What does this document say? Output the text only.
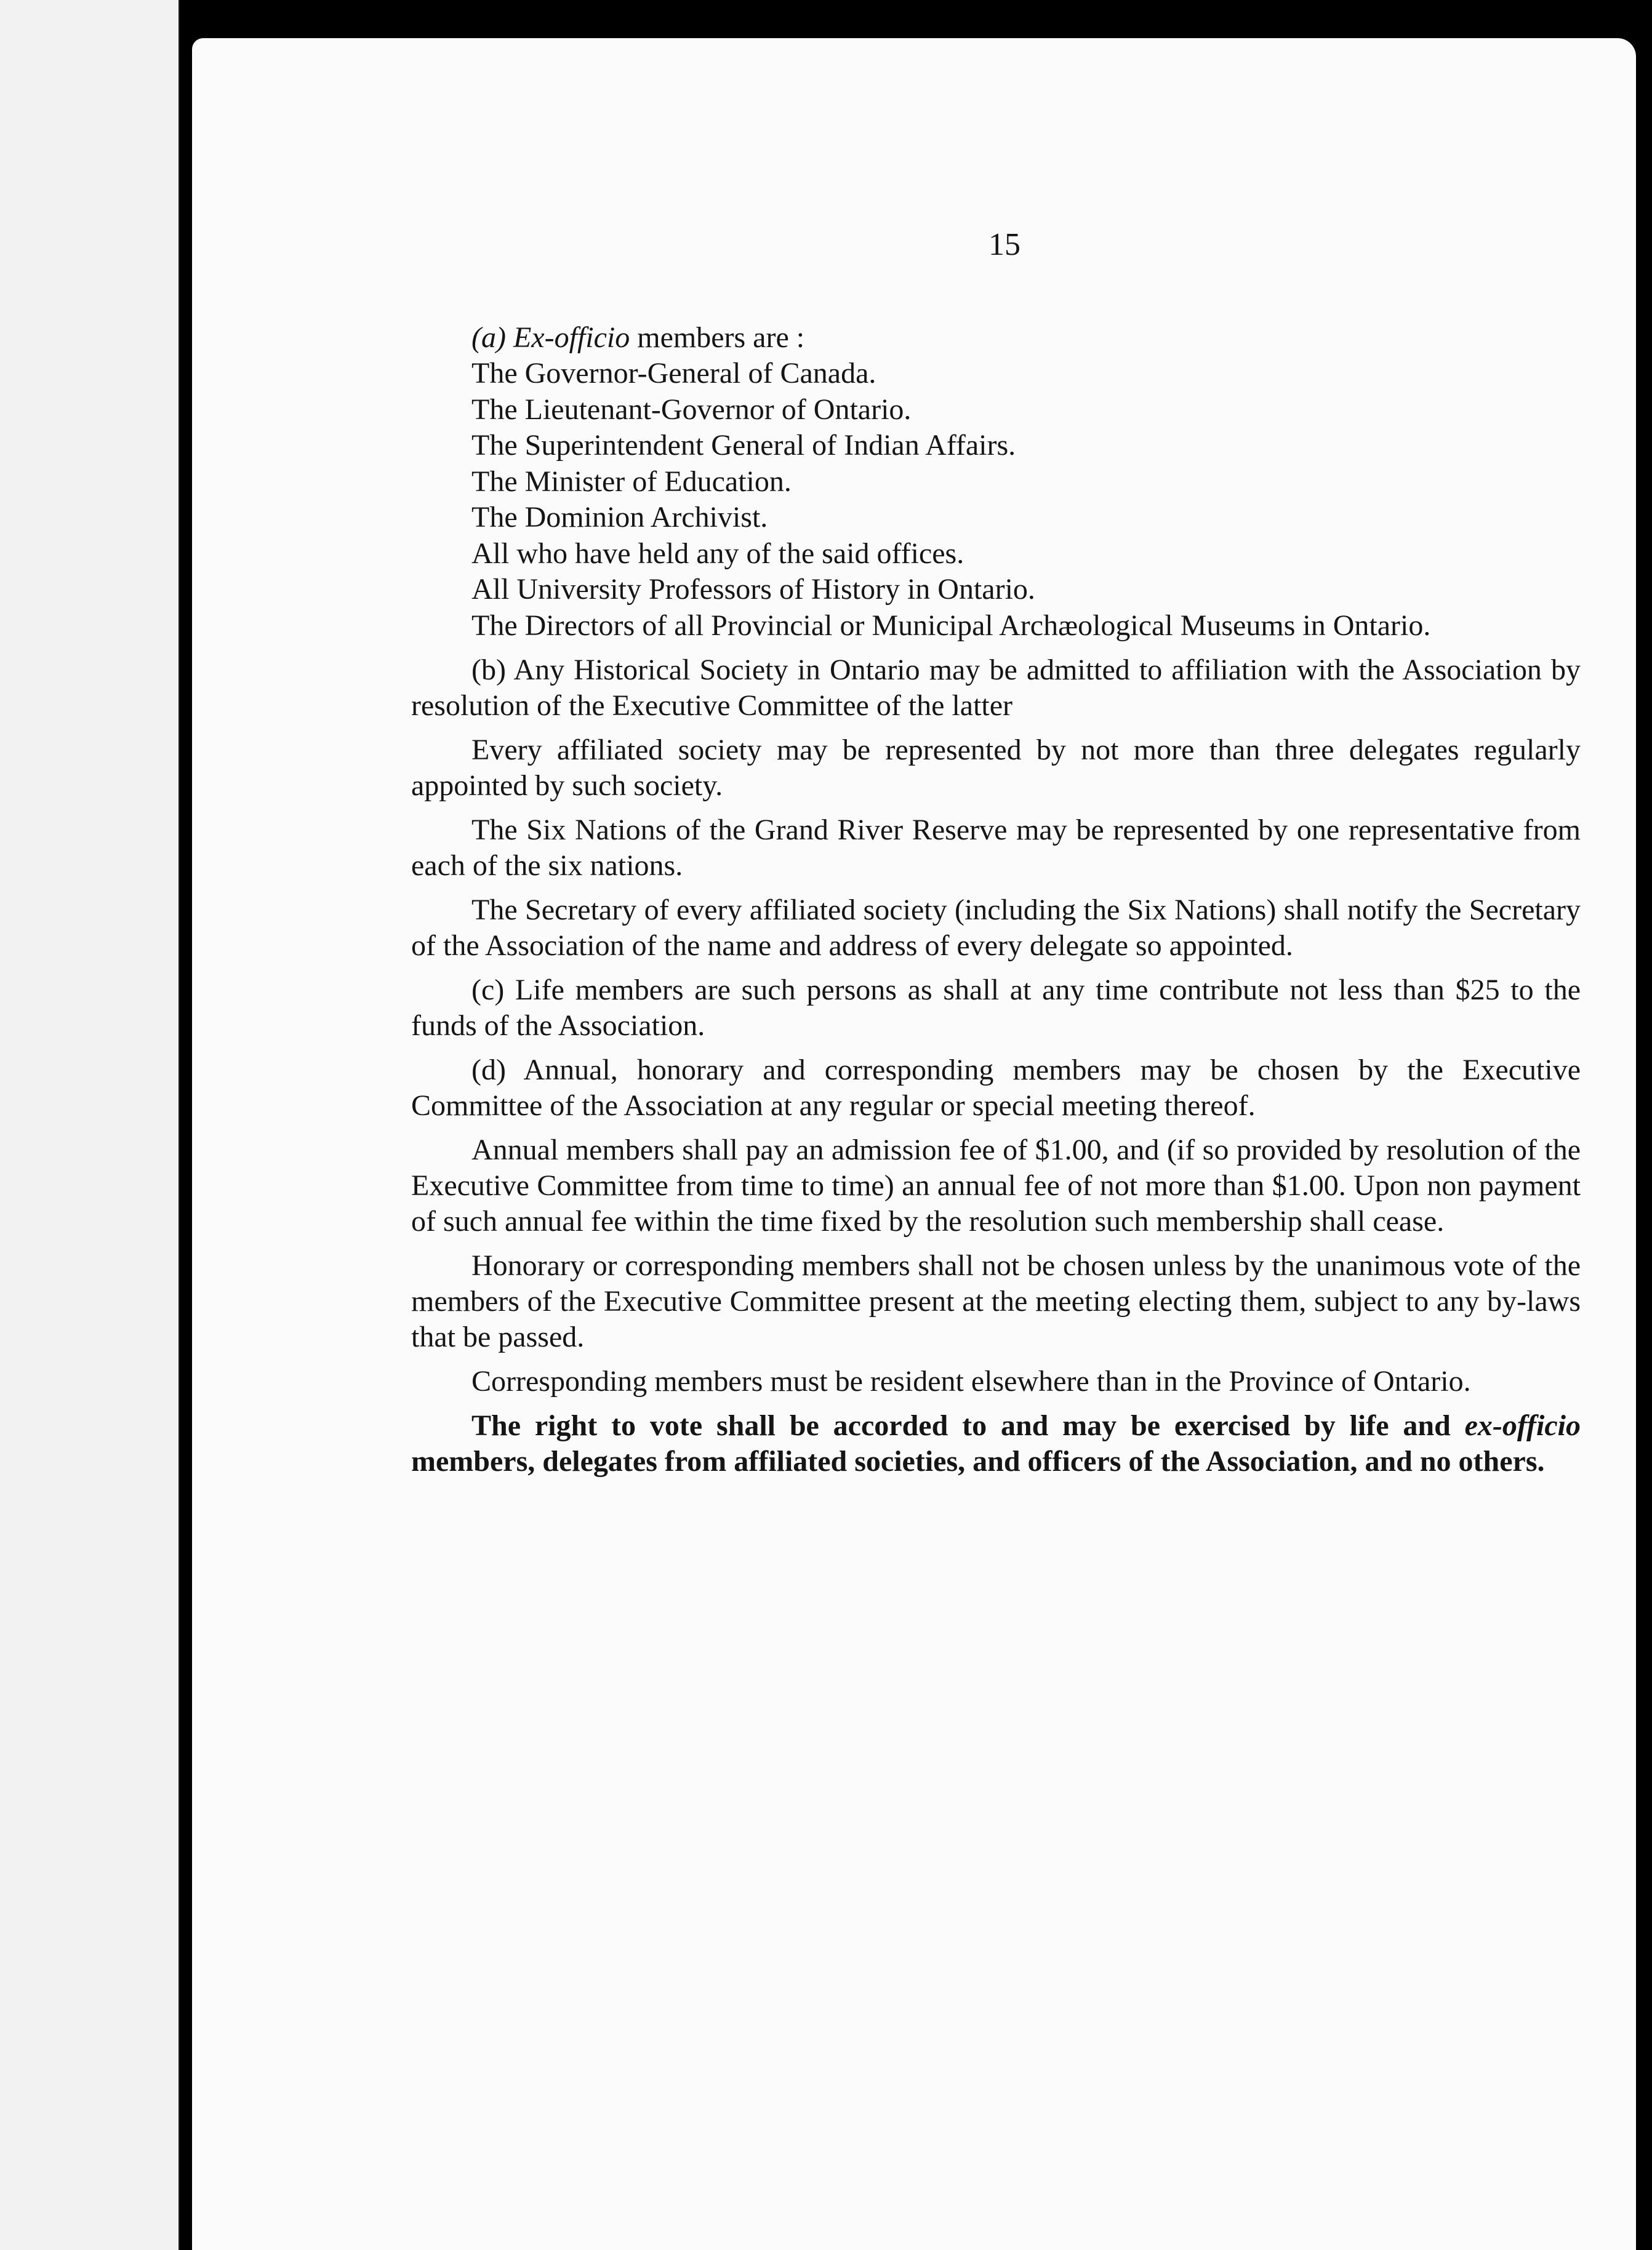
15
(a) Ex-officio members are :
The Governor-General of Canada.
The Lieutenant-Governor of Ontario.
The Superintendent General of Indian Affairs.
The Minister of Education.
The Dominion Archivist.
All who have held any of the said offices.
All University Professors of History in Ontario.

The Directors of all Provincial or Municipal Archæological Museums in Ontario.

(b) Any Historical Society in Ontario may be admitted to affiliation with the Association by resolution of the Executive Committee of the latter

Every affiliated society may be represented by not more than three delegates regularly appointed by such society.

The Six Nations of the Grand River Reserve may be represented by one representative from each of the six nations.

The Secretary of every affiliated society (including the Six Nations) shall notify the Secretary of the Association of the name and address of every delegate so appointed.

(c) Life members are such persons as shall at any time contribute not less than $25 to the funds of the Association.

(d) Annual, honorary and corresponding members may be chosen by the Executive Committee of the Association at any regular or special meeting thereof.

Annual members shall pay an admission fee of $1.00, and (if so provided by resolution of the Executive Committee from time to time) an annual fee of not more than $1.00. Upon non payment of such annual fee within the time fixed by the resolution such membership shall cease.

Honorary or corresponding members shall not be chosen unless by the unanimous vote of the members of the Executive Committee present at the meeting electing them, subject to any by-laws that be passed.

Corresponding members must be resident elsewhere than in the Province of Ontario.

The right to vote shall be accorded to and may be exercised by life and ex-officio members, delegates from affiliated societies, and officers of the Association, and no others.
